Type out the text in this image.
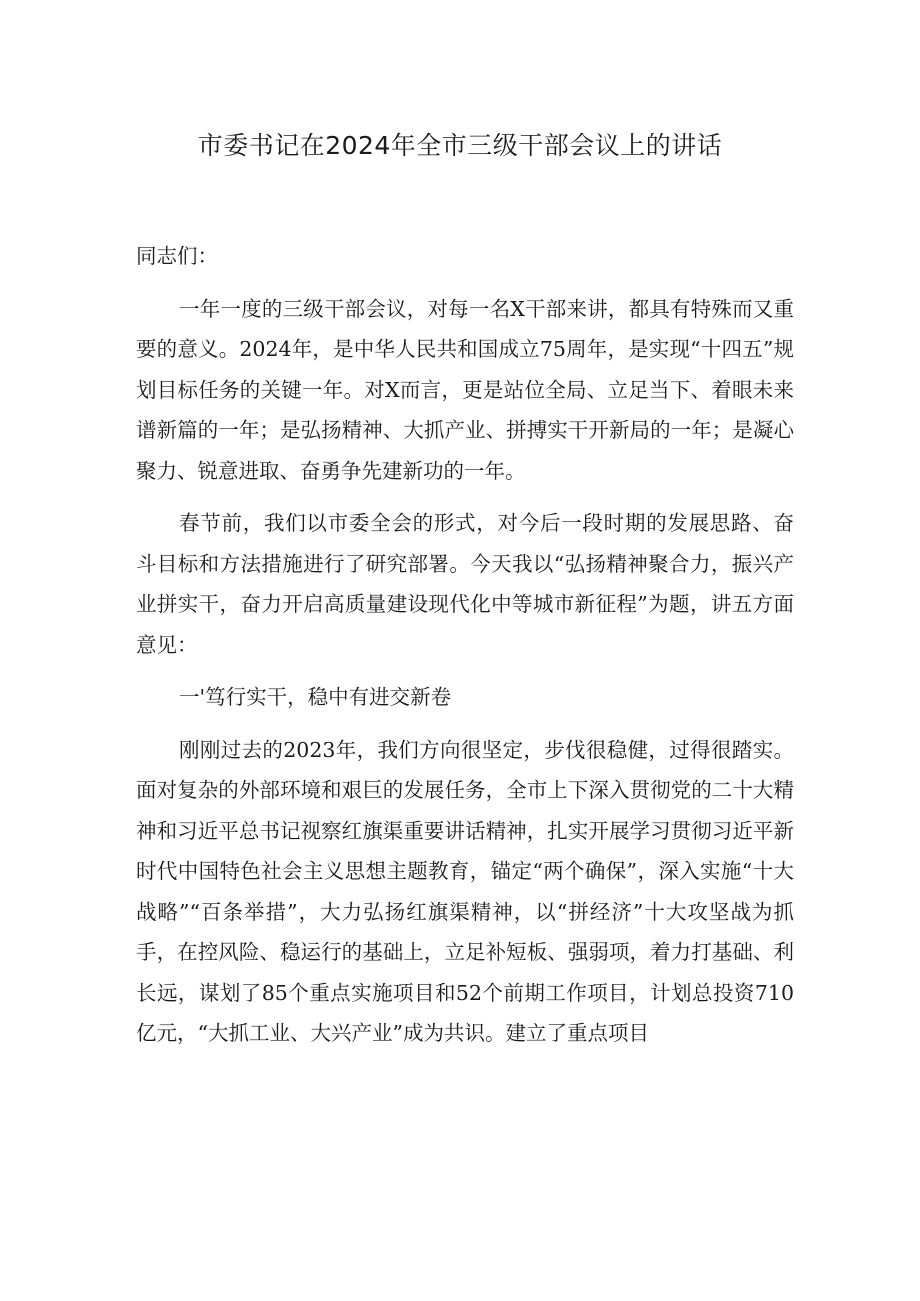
市委书记在2024年全市三级干部会议上的讲话

同志们：

一年一度的三级干部会议，对每一名X干部来讲，都具有特殊而又重要的意义。2024年，是中华人民共和国成立75周年，是实现“十四五”规划目标任务的关键一年。对X而言，更是站位全局、立足当下、着眼未来谱新篇的一年；是弘扬精神、大抓产业、拼搏实干开新局的一年；是凝心聚力、锐意进取、奋勇争先建新功的一年。

春节前，我们以市委全会的形式，对今后一段时期的发展思路、奋斗目标和方法措施进行了研究部署。今天我以“弘扬精神聚合力，振兴产业拼实干，奋力开启高质量建设现代化中等城市新征程”为题，讲五方面意见：

一'笃行实干，稳中有进交新卷

刚刚过去的2023年，我们方向很坚定，步伐很稳健，过得很踏实。面对复杂的外部环境和艰巨的发展任务，全市上下深入贯彻党的二十大精神和习近平总书记视察红旗渠重要讲话精神，扎实开展学习贯彻习近平新时代中国特色社会主义思想主题教育，锚定“两个确保”，深入实施“十大战略”“百条举措”，大力弘扬红旗渠精神，以“拼经济”十大攻坚战为抓手，在控风险、稳运行的基础上，立足补短板、强弱项，着力打基础、利长远，谋划了85个重点实施项目和52个前期工作项目，计划总投资710亿元，“大抓工业、大兴产业”成为共识。建立了重点项目
